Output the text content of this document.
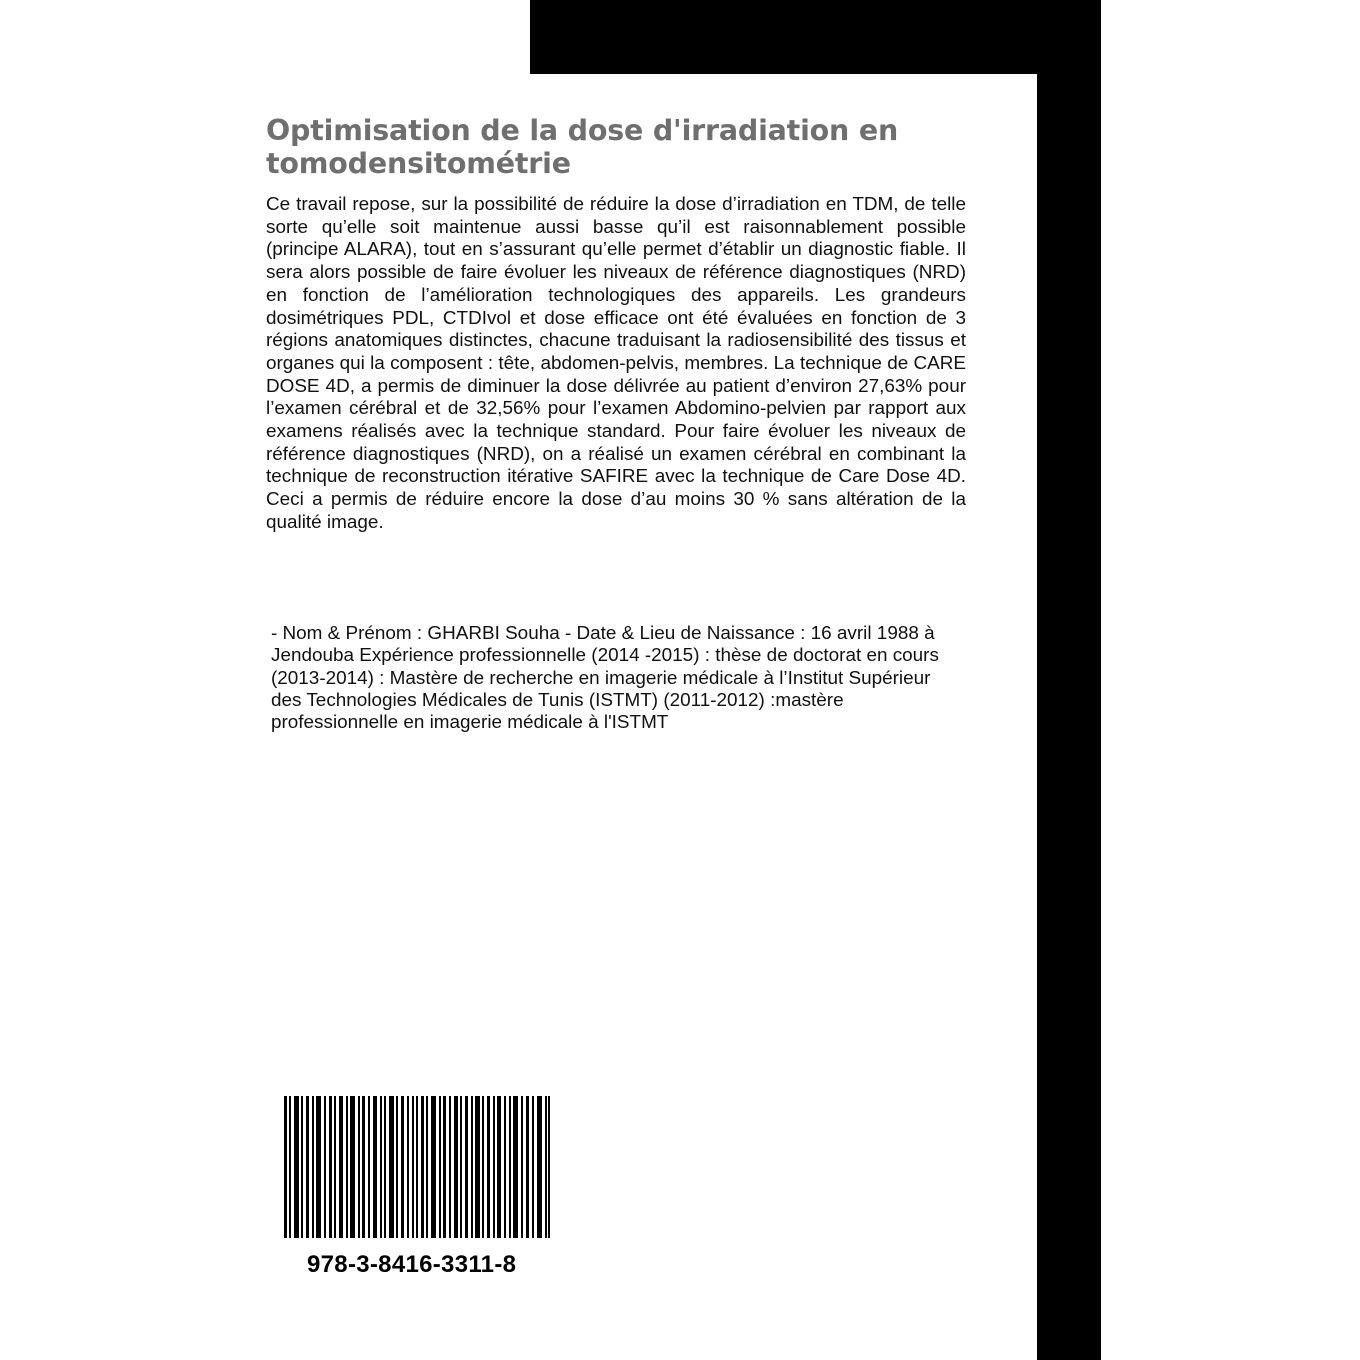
Optimisation de la dose d'irradiation en tomodensitométrie

Ce travail repose, sur la possibilité de réduire la dose d’irradiation en TDM, de telle sorte qu’elle soit maintenue aussi basse qu’il est raisonnablement possible (principe ALARA), tout en s’assurant qu’elle permet d’établir un diagnostic fiable. Il sera alors possible de faire évoluer les niveaux de référence diagnostiques (NRD) en fonction de l’amélioration technologiques des appareils. Les grandeurs dosimétriques PDL, CTDIvol et dose efficace ont été évaluées en fonction de 3 régions anatomiques distinctes, chacune traduisant la radiosensibilité des tissus et organes qui la composent : tête, abdomen-pelvis, membres. La technique de CARE DOSE 4D, a permis de diminuer la dose délivrée au patient d’environ 27,63% pour l’examen cérébral et de 32,56% pour l’examen Abdomino-pelvien par rapport aux examens réalisés avec la technique standard. Pour faire évoluer les niveaux de référence diagnostiques (NRD), on a réalisé un examen cérébral en combinant la technique de reconstruction itérative SAFIRE avec la technique de Care Dose 4D. Ceci a permis de réduire encore la dose d’au moins 30 % sans altération de la qualité image.

- Nom & Prénom : GHARBI Souha - Date & Lieu de Naissance : 16 avril 1988 à Jendouba Expérience professionnelle (2014 -2015) : thèse de doctorat en cours (2013-2014) : Mastère de recherche en imagerie médicale à l’Institut Supérieur des Technologies Médicales de Tunis (ISTMT) (2011-2012) :mastère professionnelle en imagerie médicale à l'ISTMT

978-3-8416-3311-8
